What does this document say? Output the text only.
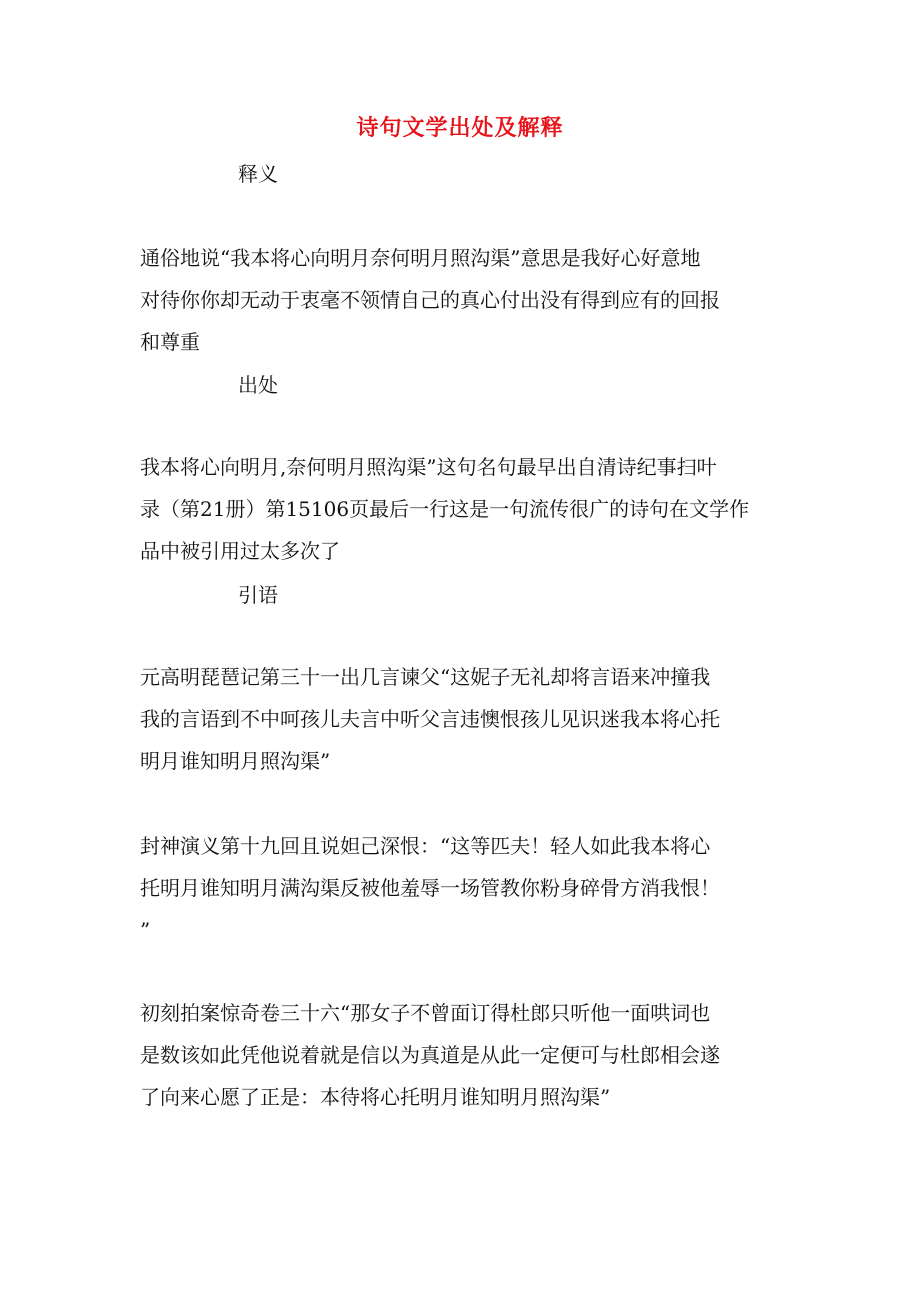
诗句文学出处及解释
释义
通俗地说“我本将心向明月奈何明月照沟渠”意思是我好心好意地
对待你你却无动于衷毫不领情自己的真心付出没有得到应有的回报
和尊重
出处
我本将心向明月,奈何明月照沟渠”这句名句最早出自清诗纪事扫叶
录（第21册）第15106页最后一行这是一句流传很广的诗句在文学作
品中被引用过太多次了
引语
元高明琵琶记第三十一出几言谏父“这妮子无礼却将言语来冲撞我
我的言语到不中呵孩儿夫言中听父言违懊恨孩儿见识迷我本将心托
明月谁知明月照沟渠”
封神演义第十九回且说妲己深恨：“这等匹夫！轻人如此我本将心
托明月谁知明月满沟渠反被他羞辱一场管教你粉身碎骨方消我恨！
”
初刻拍案惊奇卷三十六“那女子不曾面订得杜郎只听他一面哄词也
是数该如此凭他说着就是信以为真道是从此一定便可与杜郎相会遂
了向来心愿了正是：本待将心托明月谁知明月照沟渠”
